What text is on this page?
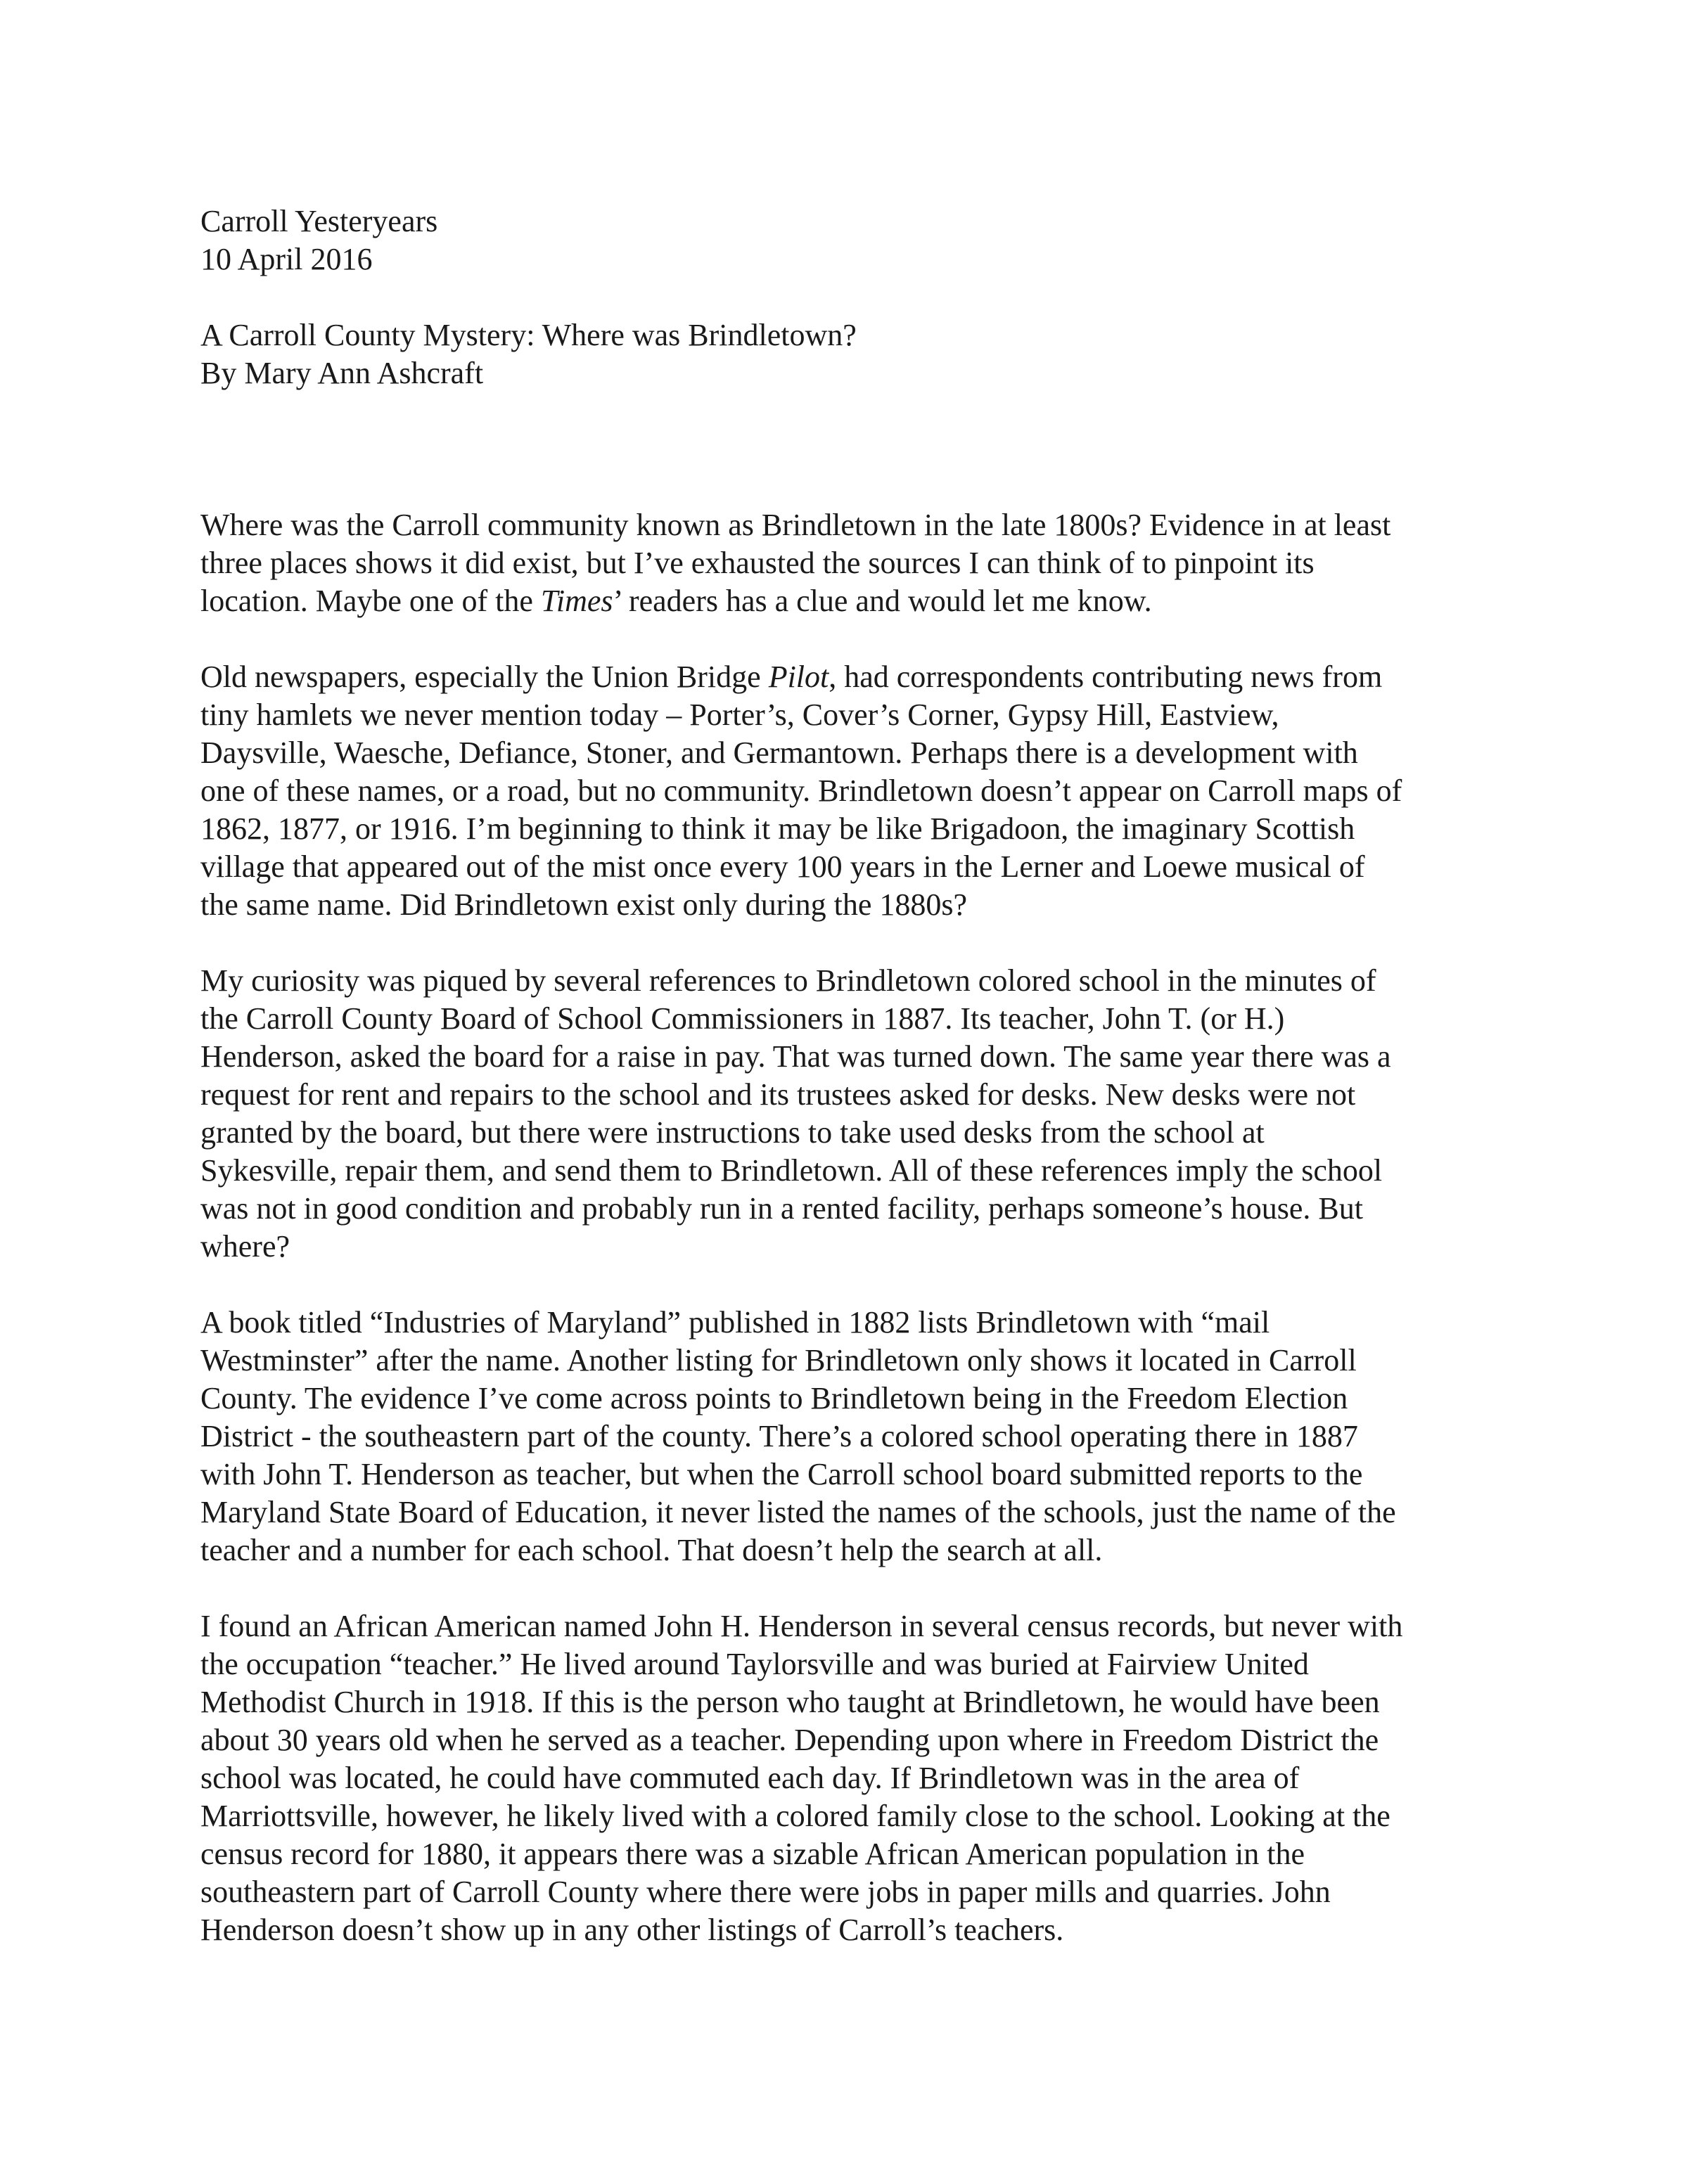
Carroll Yesteryears
10 April 2016
A Carroll County Mystery: Where was Brindletown?
By Mary Ann Ashcraft

Where was the Carroll community known as Brindletown in the late 1800s? Evidence in at least
three places shows it did exist, but I’ve exhausted the sources I can think of to pinpoint its
location. Maybe one of the Times’ readers has a clue and would let me know.

Old newspapers, especially the Union Bridge Pilot, had correspondents contributing news from
tiny hamlets we never mention today – Porter’s, Cover’s Corner, Gypsy Hill, Eastview,
Daysville, Waesche, Defiance, Stoner, and Germantown. Perhaps there is a development with
one of these names, or a road, but no community. Brindletown doesn’t appear on Carroll maps of
1862, 1877, or 1916. I’m beginning to think it may be like Brigadoon, the imaginary Scottish
village that appeared out of the mist once every 100 years in the Lerner and Loewe musical of
the same name. Did Brindletown exist only during the 1880s?

My curiosity was piqued by several references to Brindletown colored school in the minutes of
the Carroll County Board of School Commissioners in 1887. Its teacher, John T. (or H.)
Henderson, asked the board for a raise in pay. That was turned down. The same year there was a
request for rent and repairs to the school and its trustees asked for desks. New desks were not
granted by the board, but there were instructions to take used desks from the school at
Sykesville, repair them, and send them to Brindletown. All of these references imply the school
was not in good condition and probably run in a rented facility, perhaps someone’s house. But
where?

A book titled “Industries of Maryland” published in 1882 lists Brindletown with “mail
Westminster” after the name. Another listing for Brindletown only shows it located in Carroll
County. The evidence I’ve come across points to Brindletown being in the Freedom Election
District - the southeastern part of the county. There’s a colored school operating there in 1887
with John T. Henderson as teacher, but when the Carroll school board submitted reports to the
Maryland State Board of Education, it never listed the names of the schools, just the name of the
teacher and a number for each school. That doesn’t help the search at all.

I found an African American named John H. Henderson in several census records, but never with
the occupation “teacher.” He lived around Taylorsville and was buried at Fairview United
Methodist Church in 1918. If this is the person who taught at Brindletown, he would have been
about 30 years old when he served as a teacher. Depending upon where in Freedom District the
school was located, he could have commuted each day. If Brindletown was in the area of
Marriottsville, however, he likely lived with a colored family close to the school. Looking at the
census record for 1880, it appears there was a sizable African American population in the
southeastern part of Carroll County where there were jobs in paper mills and quarries. John
Henderson doesn’t show up in any other listings of Carroll’s teachers.
